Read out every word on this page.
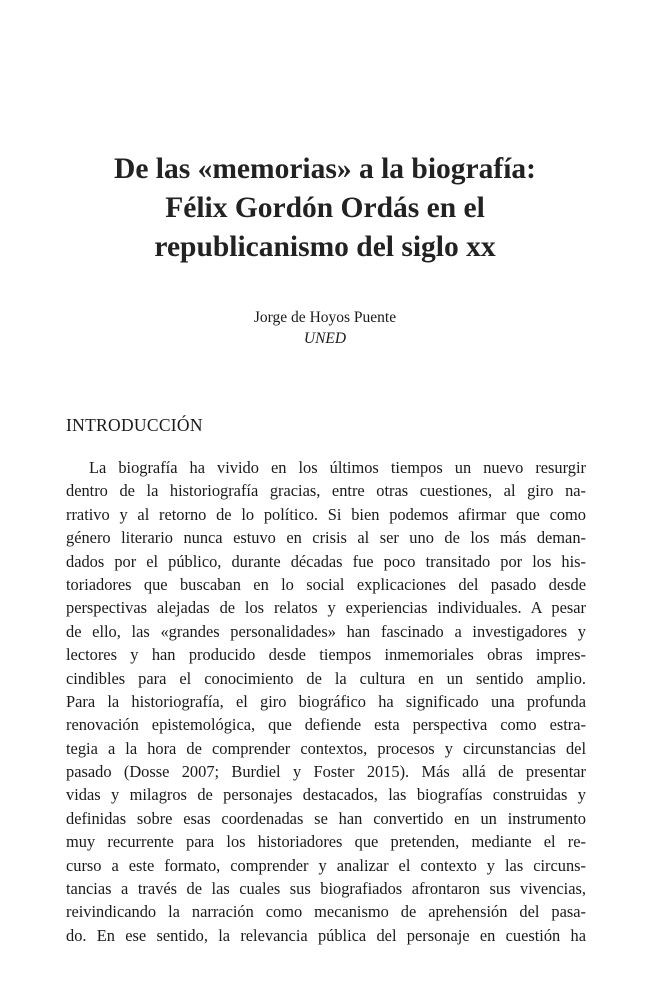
De las «memorias» a la biografía:
Félix Gordón Ordás en el
republicanismo del siglo xx
Jorge de Hoyos Puente
UNED
INTRODUCCIÓN
La biografía ha vivido en los últimos tiempos un nuevo resurgir
dentro de la historiografía gracias, entre otras cuestiones, al giro na-
rrativo y al retorno de lo político. Si bien podemos afirmar que como
género literario nunca estuvo en crisis al ser uno de los más deman-
dados por el público, durante décadas fue poco transitado por los his-
toriadores que buscaban en lo social explicaciones del pasado desde
perspectivas alejadas de los relatos y experiencias individuales. A pesar
de ello, las «grandes personalidades» han fascinado a investigadores y
lectores y han producido desde tiempos inmemoriales obras impres-
cindibles para el conocimiento de la cultura en un sentido amplio.
Para la historiografía, el giro biográfico ha significado una profunda
renovación epistemológica, que defiende esta perspectiva como estra-
tegia a la hora de comprender contextos, procesos y circunstancias del
pasado (Dosse 2007; Burdiel y Foster 2015). Más allá de presentar
vidas y milagros de personajes destacados, las biografías construidas y
definidas sobre esas coordenadas se han convertido en un instrumento
muy recurrente para los historiadores que pretenden, mediante el re-
curso a este formato, comprender y analizar el contexto y las circuns-
tancias a través de las cuales sus biografiados afrontaron sus vivencias,
reivindicando la narración como mecanismo de aprehensión del pasa-
do. En ese sentido, la relevancia pública del personaje en cuestión ha
